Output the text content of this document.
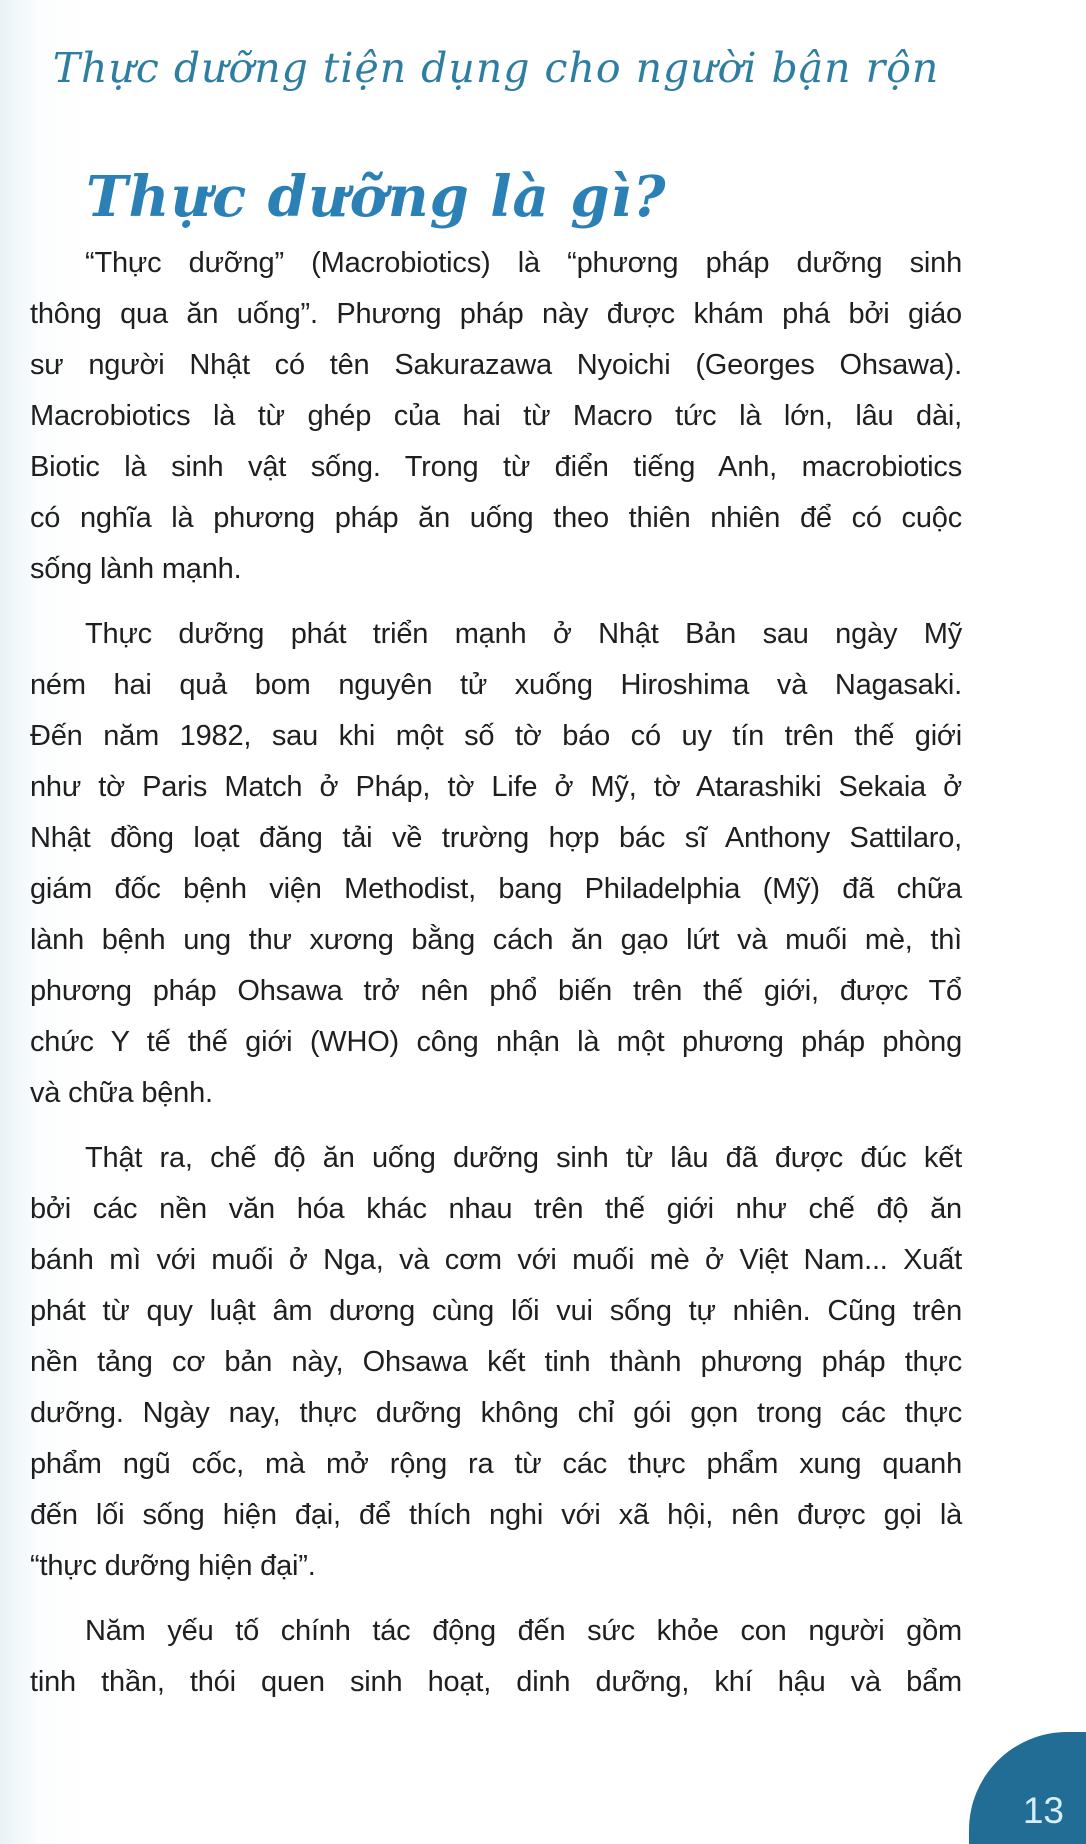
Thực dưỡng tiện dụng cho người bận rộn
Thực dưỡng là gì?

“Thực dưỡng” (Macrobiotics) là “phương pháp dưỡng sinh
thông qua ăn uống”. Phương pháp này được khám phá bởi giáo
sư người Nhật có tên Sakurazawa Nyoichi (Georges Ohsawa).
Macrobiotics là từ ghép của hai từ Macro tức là lớn, lâu dài,
Biotic là sinh vật sống. Trong từ điển tiếng Anh, macrobiotics
có nghĩa là phương pháp ăn uống theo thiên nhiên để có cuộc
sống lành mạnh.

Thực dưỡng phát triển mạnh ở Nhật Bản sau ngày Mỹ
ném hai quả bom nguyên tử xuống Hiroshima và Nagasaki.
Đến năm 1982, sau khi một số tờ báo có uy tín trên thế giới
như tờ Paris Match ở Pháp, tờ Life ở Mỹ, tờ Atarashiki Sekaia ở
Nhật đồng loạt đăng tải về trường hợp bác sĩ Anthony Sattilaro,
giám đốc bệnh viện Methodist, bang Philadelphia (Mỹ) đã chữa
lành bệnh ung thư xương bằng cách ăn gạo lứt và muối mè, thì
phương pháp Ohsawa trở nên phổ biến trên thế giới, được Tổ
chức Y tế thế giới (WHO) công nhận là một phương pháp phòng
và chữa bệnh.

Thật ra, chế độ ăn uống dưỡng sinh từ lâu đã được đúc kết
bởi các nền văn hóa khác nhau trên thế giới như chế độ ăn
bánh mì với muối ở Nga, và cơm với muối mè ở Việt Nam... Xuất
phát từ quy luật âm dương cùng lối vui sống tự nhiên. Cũng trên
nền tảng cơ bản này, Ohsawa kết tinh thành phương pháp thực
dưỡng. Ngày nay, thực dưỡng không chỉ gói gọn trong các thực
phẩm ngũ cốc, mà mở rộng ra từ các thực phẩm xung quanh
đến lối sống hiện đại, để thích nghi với xã hội, nên được gọi là
“thực dưỡng hiện đại”.

Năm yếu tố chính tác động đến sức khỏe con người gồm
tinh thần, thói quen sinh hoạt, dinh dưỡng, khí hậu và bẩm

13
